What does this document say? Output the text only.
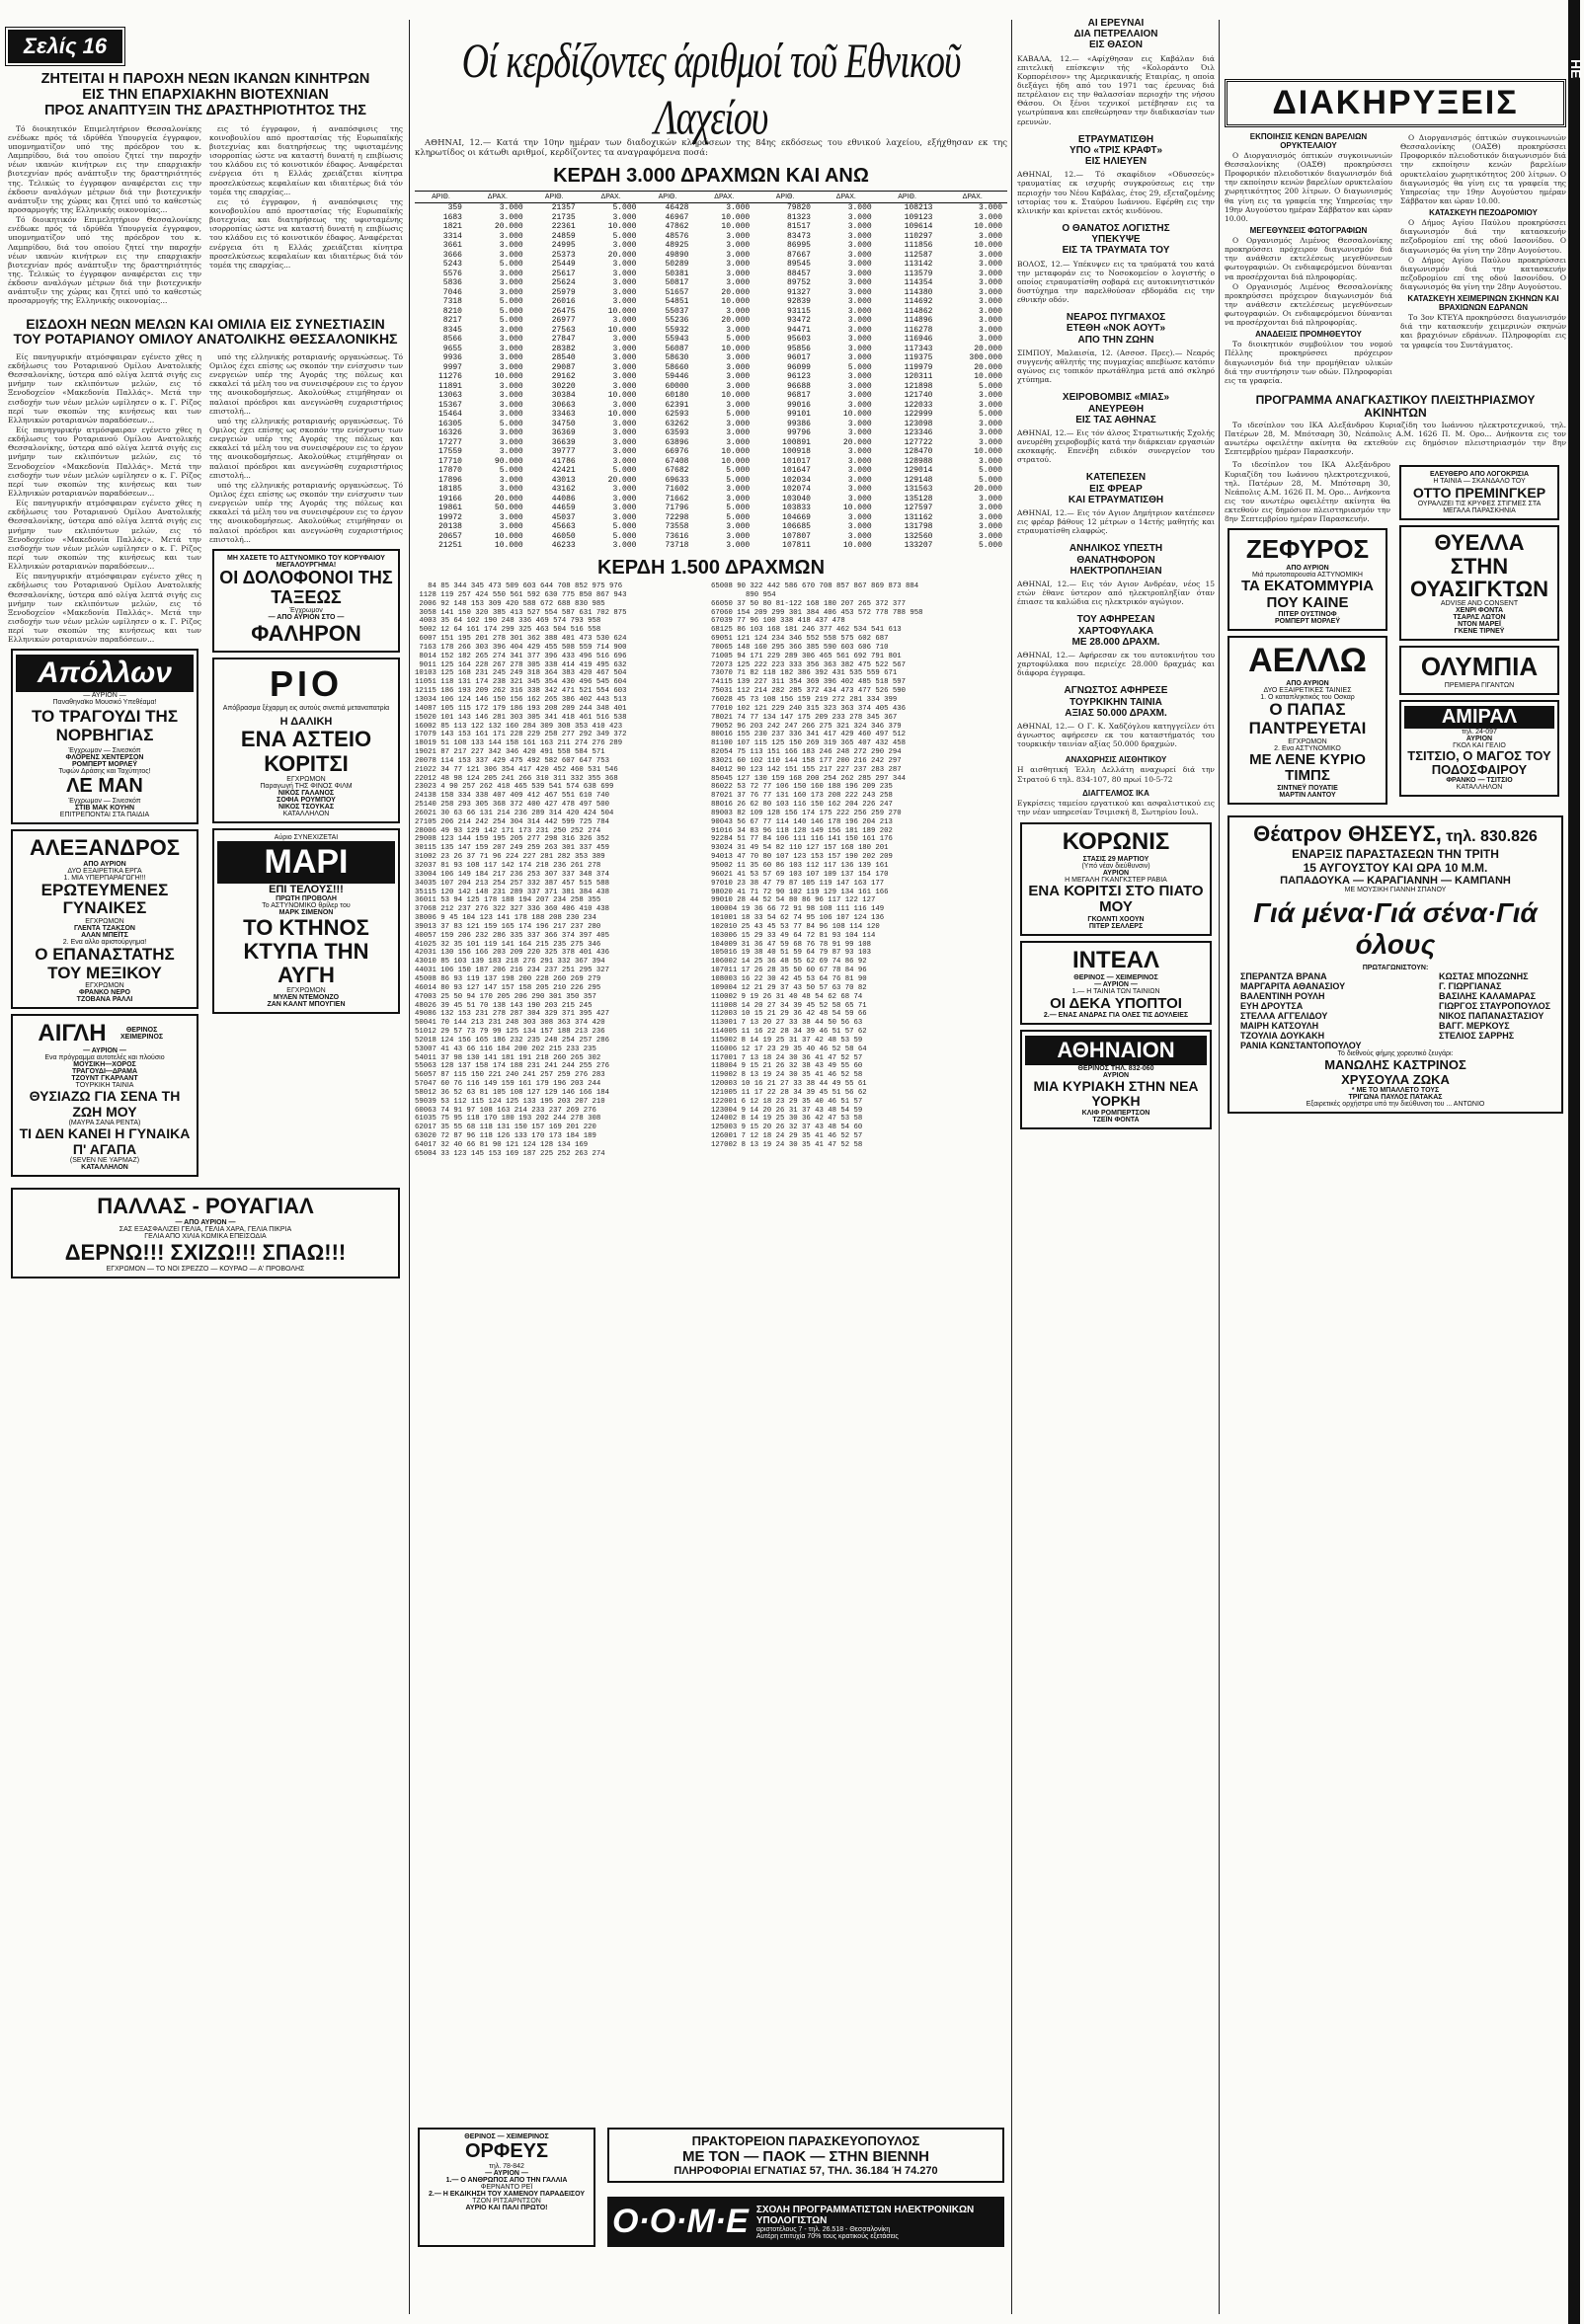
Σελίς 16
ΖΗΤΕΙΤΑΙ Η ΠΑΡΟΧΗ ΝΕΩΝ ΙΚΑΝΩΝ ΚΙΝΗΤΡΩΝ
ΕΙΣ ΤΗΝ ΕΠΑΡΧΙΑΚΗΝ ΒΙΟΤΕΧΝΙΑΝ
ΠΡΟΣ ΑΝΑΠΤΥΞΙΝ ΤΗΣ ΔΡΑΣΤΗΡΙΟΤΗΤΟΣ ΤΗΣ

Τό διοικητικόν Επιμελητήριον Θεσσαλονίκης ενέδωκε πρός τά ιδρύθέα Υπουργεία έγγραφον, υπομνηματίζον υπό της πρόεδρον του κ. Λαμπρίδου, διά του οποίου ζητεί την παροχήν νέων ικανών κινήτρων εις την επαρχιακήν βιοτεχνίαν πρός ανάπτυξιν της δραστηριότητός της. Τελικώς το έγγραφον αναφέρεται εις την έκδοσιν αναλόγων μέτρων διά την βιοτεχνικήν ανάπτυξιν της χώρας και ζητεί υπό το καθεστώς προσαρμογής της Ελληνικής οικονομίας...

Τό διοικητικόν Επιμελητήριον Θεσσαλονίκης ενέδωκε πρός τά ιδρύθέα Υπουργεία έγγραφον, υπομνηματίζον υπό της πρόεδρον του κ. Λαμπρίδου, διά του οποίου ζητεί την παροχήν νέων ικανών κινήτρων εις την επαρχιακήν βιοτεχνίαν πρός ανάπτυξιν της δραστηριότητός της. Τελικώς το έγγραφον αναφέρεται εις την έκδοσιν αναλόγων μέτρων διά την βιοτεχνικήν ανάπτυξιν της χώρας και ζητεί υπό το καθεστώς προσαρμογής της Ελληνικής οικονομίας...

εις τό έγγραφον, ή αναπόσφισις της κοινοβουλίου από προστασίας τής Ευρωπαϊκής βιοτεχνίας και διατηρήσεως της υφισταμένης ισορροπίας ώστε να καταστή δυνατή η επιβίωσις του κλάδου εις τό κοινοτικόν έδαφος. Αναφέρεται ενέργεια ότι η Ελλάς χρειάζεται κίνητρα προσελκύσεως κεφαλαίων και ιδιαιτέρως διά τόν τομέα της επαρχίας...

εις τό έγγραφον, ή αναπόσφισις της κοινοβουλίου από προστασίας τής Ευρωπαϊκής βιοτεχνίας και διατηρήσεως της υφισταμένης ισορροπίας ώστε να καταστή δυνατή η επιβίωσις του κλάδου εις τό κοινοτικόν έδαφος. Αναφέρεται ενέργεια ότι η Ελλάς χρειάζεται κίνητρα προσελκύσεως κεφαλαίων και ιδιαιτέρως διά τόν τομέα της επαρχίας...

ΕΙΣΔΟΧΗ ΝΕΩΝ ΜΕΛΩΝ ΚΑΙ ΟΜΙΛΙΑ ΕΙΣ ΣΥΝΕΣΤΙΑΣΙΝ
ΤΟΥ ΡΟΤΑΡΙΑΝΟΥ ΟΜΙΛΟΥ ΑΝΑΤΟΛΙΚΗΣ ΘΕΣΣΑΛΟΝΙΚΗΣ

Είς πανηγυρικήν ατμόσφαιραν εγένετο χθες η εκδήλωσις του Ροταριανού Ομίλου Ανατολικής Θεσσαλονίκης, ύστερα από ολίγα λεπτά σιγής εις μνήμην των εκλιπόντων μελών, εις τό Ξενοδοχείον «Μακεδονία Παλλάς». Μετά την εισδοχήν των νέων μελών ωμίλησεν ο κ. Γ. Ρίζος περί των σκοπών της κινήσεως και των Ελληνικών ροταριανών παραδόσεων...

Είς πανηγυρικήν ατμόσφαιραν εγένετο χθες η εκδήλωσις του Ροταριανού Ομίλου Ανατολικής Θεσσαλονίκης, ύστερα από ολίγα λεπτά σιγής εις μνήμην των εκλιπόντων μελών, εις τό Ξενοδοχείον «Μακεδονία Παλλάς». Μετά την εισδοχήν των νέων μελών ωμίλησεν ο κ. Γ. Ρίζος περί των σκοπών της κινήσεως και των Ελληνικών ροταριανών παραδόσεων...

Είς πανηγυρικήν ατμόσφαιραν εγένετο χθες η εκδήλωσις του Ροταριανού Ομίλου Ανατολικής Θεσσαλονίκης, ύστερα από ολίγα λεπτά σιγής εις μνήμην των εκλιπόντων μελών, εις τό Ξενοδοχείον «Μακεδονία Παλλάς». Μετά την εισδοχήν των νέων μελών ωμίλησεν ο κ. Γ. Ρίζος περί των σκοπών της κινήσεως και των Ελληνικών ροταριανών παραδόσεων...

Είς πανηγυρικήν ατμόσφαιραν εγένετο χθες η εκδήλωσις του Ροταριανού Ομίλου Ανατολικής Θεσσαλονίκης, ύστερα από ολίγα λεπτά σιγής εις μνήμην των εκλιπόντων μελών, εις τό Ξενοδοχείον «Μακεδονία Παλλάς». Μετά την εισδοχήν των νέων μελών ωμίλησεν ο κ. Γ. Ρίζος περί των σκοπών της κινήσεως και των Ελληνικών ροταριανών παραδόσεων...

Απόλλων
— ΑΥΡΙΟΝ —
Παναθηναϊκο Μουσικό Υπεθέαμα!
ΤΟ ΤΡΑΓΟΥΔΙ ΤΗΣ ΝΟΡΒΗΓΙΑΣ
Έγχρωμον — Σινεσκόπ
ΦΛΟΡΕΝΣ ΧΕΝΤΕΡΣΟΝ
ΡΟΜΠΕΡΤ ΜΟΡΛΕΫ
Τυφών Δράσης και Ταχύτητος!
ΛΕ ΜΑΝ
Έγχρωμον — Σινεσκόπ
ΣΤΙΒ ΜΑΚ ΚΟΥΗΝ
ΕΠΙΤΡΕΠΟΝΤΑΙ ΣΤΑ ΠΑΙΔΙΑ
ΑΛΕΞΑΝΔΡΟΣ
ΑΠΟ ΑΥΡΙΟΝ
ΔΥΟ ΕΞΑΙΡΕΤΙΚΑ ΕΡΓΑ
1. ΜΙΑ ΥΠΕΡΠΑΡΑΓΩΓΗ!!!
ΕΡΩΤΕΥΜΕΝΕΣ ΓΥΝΑΙΚΕΣ
ΕΓΧΡΩΜΟΝ
ΓΛΕΝΤΑ ΤΖΑΚΣΟΝ
ΑΛΑΝ ΜΠΕΪΤΣ
2. Ενα αλλο αριστούργημα!
Ο ΕΠΑΝΑΣΤΑΤΗΣ ΤΟΥ ΜΕΞΙΚΟΥ
ΕΓΧΡΩΜΟΝ
ΦΡΑΝΚΟ ΝΕΡΟ
ΤΖΟΒΑΝΑ ΡΑΛΛΙ
ΑΙΓΛΗ	ΘΕΡΙΝΟΣ ΧΕΙΜΕΡΙΝΟΣ
— ΑΥΡΙΟΝ —
Ενα πρόγραμμα αυτοτελές και πλούσιο
ΜΟΥΣΙΚΗ—ΧΟΡΟΣ
ΤΡΑΓΟΥΔΙ—ΔΡΑΜΑ
ΤΖΟΥΝΤ ΓΚΑΡΛΑΝΤ
ΤΟΥΡΚΙΚΗ ΤΑΙΝΙΑ
ΘΥΣΙΑΖΩ ΓΙΑ ΣΕΝΑ ΤΗ ΖΩΗ ΜΟΥ
(ΜΑΥΡΑ ΣΑΝΑ ΡΕΝΤΑ)
ΤΙ ΔΕΝ ΚΑΝΕΙ Η ΓΥΝΑΙΚΑ Π' ΑΓΑΠΑ
(SEVEN NE YAPMAZ)
ΚΑΤΑΛΛΗΛΟΝ

υπό της ελληνικής ροταριανής οργανώσεως. Τό Ομιλος έχει επίσης ως σκοπόν την ενίσχυσιν των ενεργειών υπέρ της Αγοράς της πόλεως και εκκαλεί τά μέλη του να συνεισφέρουν εις το έργον της ανοικοδομήσεως. Ακολούθως ετιμήθησαν οι παλαιοί πρόεδροι και ανεγνώσθη ευχαριστήριος επιστολή...

υπό της ελληνικής ροταριανής οργανώσεως. Τό Ομιλος έχει επίσης ως σκοπόν την ενίσχυσιν των ενεργειών υπέρ της Αγοράς της πόλεως και εκκαλεί τά μέλη του να συνεισφέρουν εις το έργον της ανοικοδομήσεως. Ακολούθως ετιμήθησαν οι παλαιοί πρόεδροι και ανεγνώσθη ευχαριστήριος επιστολή...

υπό της ελληνικής ροταριανής οργανώσεως. Τό Ομιλος έχει επίσης ως σκοπόν την ενίσχυσιν των ενεργειών υπέρ της Αγοράς της πόλεως και εκκαλεί τά μέλη του να συνεισφέρουν εις το έργον της ανοικοδομήσεως. Ακολούθως ετιμήθησαν οι παλαιοί πρόεδροι και ανεγνώσθη ευχαριστήριος επιστολή...

ΜΗ ΧΑΣΕΤΕ ΤΟ ΑΣΤΥΝΟΜΙΚΟ ΤΟΥ ΚΟΡΥΦΑΙΟΥ
ΜΕΓΑΛΟΥΡΓΗΜΑ!
ΟΙ ΔΟΛΟΦΟΝΟΙ ΤΗΣ ΤΑΞΕΩΣ
Έγχρωμον
— ΑΠΟ ΑΥΡΙΟΝ ΣΤΟ —
ΦΑΛΗΡΟΝ
ΡΙΟ
Απόβρασμα ξέχαρμη εις αυτούς σινεπιά μεταναπατρία
Η ΔΑΛΙΚΗ
ΕΝΑ ΑΣΤΕΙΟ ΚΟΡΙΤΣΙ
ΕΓΧΡΩΜΟΝ
Παραγωγή ΤΗΣ ΦΙΝΟΣ ΦΙΛΜ
ΝΙΚΟΣ ΓΑΛΑΝΟΣ
ΣΟΦΙΑ ΡΟΥΜΠΟΥ
ΝΙΚΟΣ ΤΣΟΥΚΑΣ
ΚΑΤΑΛΛΗΛΟΝ
Αύριο ΣΥΝΕΧΙΖΕΤΑΙ
ΜΑΡΙ
ΕΠΙ ΤΕΛΟΥΣ!!!
ΠΡΩΤΗ ΠΡΟΒΟΛΗ
Το ΑΣΤΥΝΟΜΙΚΟ θρίλερ του
ΜΑΡΚ ΣΙΜΕΝΟΝ
ΤΟ ΚΤΗΝΟΣ ΚΤΥΠΑ ΤΗΝ ΑΥΓΗ
ΕΓΧΡΩΜΟΝ
ΜΥΛΕΝ ΝΤΕΜΟΝΖΟ
ΖΑΝ ΚΑΛΝΤ ΜΠΟΥΓΙΕΝ
ΠΑΛΛΑΣ - ΡΟΥΑΓΙΑΛ
— ΑΠΟ ΑΥΡΙΟΝ —
ΣΑΣ ΕΞΑΣΦΑΛΙΖΕΙ ΓΕΛΙΑ, ΓΕΛΙΑ ΧΑΡΑ, ΓΕΛΙΑ ΠΙΚΡΙΑ
ΓΕΛΙΑ ΑΠΟ ΧΙΛΙΑ ΚΩΜΙΚΑ ΕΠΕΙΣΟΔΙΑ
ΔΕΡΝΩ!!! ΣΧΙΖΩ!!! ΣΠΑΩ!!!
ΕΓΧΡΩΜΟΝ — ΤΟ ΝΟΙ ΣΡΕΖΖΟ — ΚΟΥΡΑΟ — Α' ΠΡΟΒΟΛΗΣ
Οί κερδίζοντες άριθμοί τοῦ Εθνικοῦ Λαχείου
ΑΘΗΝΑΙ, 12.— Κατά την 10ην ημέραν των διαδοχικών κληρώσεων της 84ης εκδόσεως του εθνικού λαχείου, εξήχθησαν εκ της κληρωτίδος οι κάτωθι αριθμοί, κερδίζοντες τα αναγραφόμενα ποσά:
ΚΕΡΔΗ 3.000 ΔΡΑΧΜΩΝ ΚΑΙ ΑΝΩ
ΑΡΙΘ.	ΔΡΑΧ.	ΑΡΙΘ.	ΔΡΑΧ.	ΑΡΙΘ.	ΔΡΑΧ.	ΑΡΙΘ.	ΔΡΑΧ.	ΑΡΙΘ.	ΔΡΑΧ.
359	3.000	21357	5.000	46428	3.000	79820	3.000	108213	3.000
1683	3.000	21735	3.000	46967	10.000	81323	3.000	109123	3.000
1821	20.000	22361	10.000	47862	10.000	81517	3.000	109614	10.000
3314	3.000	24859	5.000	48576	3.000	83473	3.000	110297	3.000
3661	3.000	24995	3.000	48925	3.000	86995	3.000	111856	10.000
3666	3.000	25373	20.000	49890	3.000	87667	3.000	112587	3.000
5243	5.000	25449	3.000	50289	3.000	89545	3.000	113142	3.000
5576	3.000	25617	3.000	50381	3.000	88457	3.000	113579	3.000
5836	3.000	25624	3.000	50817	3.000	89752	3.000	114354	3.000
7046	3.000	25979	3.000	51657	20.000	91327	3.000	114380	3.000
7318	5.000	26016	3.000	54851	10.000	92839	3.000	114692	3.000
8210	5.000	26475	10.000	55037	3.000	93115	3.000	114862	3.000
8217	5.000	26977	3.000	55236	20.000	93472	3.000	114896	3.000
8345	3.000	27563	10.000	55932	3.000	94471	3.000	116278	3.000
8566	3.000	27847	3.000	55943	5.000	95603	3.000	116946	3.000
9655	3.000	28382	3.000	56087	10.000	95856	3.000	117343	20.000
9936	3.000	28540	3.000	58630	3.000	96017	3.000	119375	300.000
9997	3.000	29087	3.000	58660	3.000	96099	5.000	119979	20.000
11276	10.000	29162	3.000	59446	3.000	96123	3.000	120311	10.000
11891	3.000	30220	3.000	60000	3.000	96688	3.000	121898	5.000
13063	3.000	30384	10.000	60180	10.000	96817	3.000	121740	3.000
15367	3.000	30663	3.000	62391	3.000	99016	3.000	122033	3.000
15464	3.000	33463	10.000	62593	5.000	99101	10.000	122999	5.000
16305	5.000	34750	3.000	63262	3.000	99386	3.000	123098	3.000
16326	3.000	36369	3.000	63593	3.000	99796	3.000	123346	3.000
17277	3.000	36639	3.000	63896	3.000	100891	20.000	127722	3.000
17559	3.000	39777	3.000	66976	10.000	100918	3.000	128470	10.000
17710	90.000	41786	3.000	67408	10.000	101017	3.000	128988	3.000
17870	5.000	42421	5.000	67682	5.000	101647	3.000	129014	5.000
17896	3.000	43013	20.000	69633	5.000	102034	3.000	129148	5.000
18185	3.000	43162	3.000	71602	3.000	102074	3.000	131563	20.000
19166	20.000	44086	3.000	71662	3.000	103040	3.000	135128	3.000
19861	50.000	44659	3.000	71796	5.000	103833	10.000	127597	3.000
19972	3.000	45037	3.000	72298	5.000	104669	3.000	131162	3.000
20138	3.000	45663	5.000	73558	3.000	106685	3.000	131798	3.000
20657	10.000	46050	5.000	73616	3.000	107807	3.000	132560	3.000
21251	10.000	46233	3.000	73718	3.000	107811	10.000	133207	5.000
ΚΕΡΔΗ 1.500 ΔΡΑΧΜΩΝ
84 85 344 345 473 509 603 644 708 852 975 976
1128 119 257 424 550 561 592 630 775 850 867 943
2006 92 148 153 309 420 588 672 688 830 985
3058 141 150 320 385 413 527 554 587 631 702 875
4003 35 64 102 190 248 336 469 574 793 958
5002 12 64 161 174 299 325 463 504 516 558
6007 151 195 201 278 301 362 388 401 473 530 624
7163 178 266 303 396 404 429 455 508 559 714 900
8014 152 182 265 274 341 377 396 433 496 516 696
9011 125 164 228 267 278 305 338 414 419 495 632
10103 125 168 231 245 249 318 364 383 420 467 504
11051 118 131 174 238 321 345 354 430 496 545 604
12115 186 193 209 262 316 338 342 471 521 554 603
13034 106 124 146 150 156 162 265 386 402 443 513
14087 105 115 172 179 186 193 208 209 244 348 401
15020 101 143 146 281 303 305 341 418 461 516 538
16002 85 113 122 132 160 284 309 308 353 410 423
17079 143 153 161 171 228 229 258 277 292 349 372
18019 51 108 133 144 158 161 163 211 274 276 289
19021 87 217 227 342 346 420 491 558 584 571
20078 114 153 337 429 475 492 582 607 647 753
21022 34 77 121 306 354 417 420 452 460 531 546
22012 48 98 124 205 241 266 310 311 332 355 368
23023 4 90 257 262 418 465 539 541 574 638 699
24138 158 334 338 407 409 412 467 551 610 740
25140 258 293 305 368 372 400 427 478 497 500
26021 30 63 66 131 214 236 289 314 420 424 504
27105 206 214 242 254 304 314 442 599 725 784
28006 49 93 129 142 171 173 231 250 252 274
29008 123 144 159 195 205 277 298 316 326 352
30115 135 147 159 207 249 259 263 301 337 459
31002 23 26 37 71 96 224 227 281 282 353 389
32037 81 93 108 117 142 174 218 236 261 278
33004 106 149 184 217 236 253 307 337 348 374
34035 107 204 213 254 257 332 387 457 515 588
35115 120 142 148 231 289 337 371 381 384 438
36011 53 94 125 178 188 194 207 234 258 355
37068 212 237 276 322 327 336 360 406 410 438
38006 9 45 104 123 141 178 188 208 230 234
39013 37 83 121 159 165 174 196 217 237 280
40057 159 206 232 286 335 337 366 374 397 405
41025 32 35 101 119 141 164 215 235 275 346
42031 130 156 166 203 209 220 325 378 401 436
43010 85 103 139 183 218 276 291 332 367 394
44031 106 150 187 206 216 234 237 251 295 327
45008 86 93 119 137 198 200 228 260 269 279
46014 80 93 127 147 157 158 205 210 226 295
47003 25 50 94 170 205 206 290 301 350 357
48026 39 45 51 70 138 143 190 203 215 245
49086 132 153 231 278 287 304 329 371 395 427
50041 70 144 213 231 248 303 308 363 374 420
51012 29 57 73 79 99 125 134 157 188 213 236
52018 124 156 165 186 232 235 248 254 257 286
53007 41 43 66 116 184 200 202 215 233 235
54011 37 98 130 141 181 191 218 260 265 302
55063 128 137 158 174 188 231 241 244 255 276
56057 87 115 150 221 240 241 257 259 276 283
57047 60 76 116 149 159 161 179 196 203 244
58012 36 52 63 81 105 108 127 129 146 166 184
59039 53 112 115 124 125 133 195 203 207 210
60063 74 91 97 108 163 214 233 237 269 276
61035 75 95 118 170 180 193 202 244 278 308
62017 35 55 68 118 131 150 157 169 201 220
63020 72 87 96 118 126 133 170 173 184 189
64017 32 40 66 81 90 121 124 128 134 169
65004 33 123 145 153 169 187 225 252 263 274
65008 90 322 442 586 670 708 857 867 869 873 884
890 954
66050 37 50 80 81-122 168 180 207 265 372 377
67060 154 209 299 301 384 406 453 572 778 788 958
67039 77 96 100 338 418 437 478
68125 86 103 168 181 246 377 462 534 541 613
69051 121 124 234 346 552 558 575 602 687
70065 148 160 295 366 385 590 603 606 710
71005 94 171 229 289 306 465 561 692 791 801
72073 125 222 223 333 356 363 382 475 522 567
73070 71 82 118 182 386 392 431 535 559 671
74115 139 227 311 354 369 396 402 485 518 597
75031 112 214 282 285 372 434 473 477 526 590
76028 45 73 108 156 159 219 272 281 334 399
77010 102 121 229 240 315 323 363 374 405 436
78021 74 77 134 147 175 209 233 278 345 367
79052 96 203 242 247 266 275 321 324 346 379
80016 155 230 237 336 341 417 429 460 497 512
81100 107 115 125 150 269 319 365 407 432 458
82054 75 113 151 166 183 246 248 272 290 294
83021 60 102 110 144 158 177 200 216 242 297
84012 90 123 142 151 155 217 227 237 283 287
85045 127 130 159 168 200 254 262 285 297 344
86022 53 72 77 106 150 160 188 196 209 235
87021 37 76 77 131 160 173 208 222 243 258
88016 26 62 80 103 116 150 162 204 226 247
89003 82 109 128 156 174 175 222 256 259 270
90043 56 67 77 114 140 146 178 196 204 213
91016 34 83 96 118 128 149 156 181 189 202
92284 51 77 84 106 111 116 141 150 161 176
93024 31 49 54 82 110 127 157 168 180 201
94013 47 70 80 107 123 153 157 190 202 209
95002 11 35 60 86 103 112 117 136 139 161
96021 41 53 57 69 103 107 109 137 154 170
97010 23 38 47 79 87 105 119 147 163 177
98020 41 71 72 90 102 119 129 134 161 166
99010 28 44 52 54 80 86 96 117 122 127
100004 19 36 66 72 91 98 108 111 116 149
101001 18 33 54 62 74 95 106 107 124 136
102010 25 43 45 53 77 84 96 108 114 120
103006 15 29 33 49 64 72 81 93 104 114
104009 31 36 47 59 68 76 78 91 99 108
105016 19 38 40 51 59 64 79 87 93 103
106002 14 25 36 48 55 62 69 74 86 92
107011 17 26 28 35 50 60 67 78 84 96
108003 16 22 30 42 45 53 64 76 81 90
109004 12 21 29 37 43 50 57 63 70 82
110002 9 19 26 31 40 48 54 62 68 74
111008 14 20 27 34 39 45 52 58 65 71
112003 10 15 21 29 36 42 48 54 59 66
113001 7 13 20 27 33 38 44 50 56 63
114005 11 16 22 28 34 39 46 51 57 62
115002 8 14 19 25 31 37 42 48 53 59
116006 12 17 23 29 35 40 46 52 58 64
117001 7 13 18 24 30 36 41 47 52 57
118004 9 15 21 26 32 38 43 49 55 60
119002 8 13 19 24 30 35 41 46 52 58
120003 10 16 21 27 33 38 44 49 55 61
121005 11 17 22 28 34 39 45 51 56 62
122001 6 12 18 23 29 35 40 46 51 57
123004 9 14 20 26 31 37 43 48 54 59
124002 8 14 19 25 30 36 42 47 53 58
125003 9 15 20 26 32 37 43 48 54 60
126001 7 12 18 24 29 35 41 46 52 57
127002 8 13 19 24 30 35 41 47 52 58
ΘΕΡΙΝΟΣ — ΧΕΙΜΕΡΙΝΟΣ
ΟΡΦΕΥΣ
τηλ. 78-842
— ΑΥΡΙΟΝ —
1.— Ο ΑΝΘΡΩΠΟΣ ΑΠΟ ΤΗΝ ΓΑΛΛΙΑ
ΦΕΡΝΑΝΤΟ ΡΕΪ
2.— Η ΕΚΔΙΚΗΣΗ ΤΟΥ ΧΑΜΕΝΟΥ ΠΑΡΑΔΕΙΣΟΥ
ΤΖΟΝ ΡΙΤΣΑΡΝΤΣΟΝ
ΑΥΡΙΟ ΚΑΙ ΠΑΛΙ ΠΡΩΤΟ!
ΠΡΑΚΤΟΡΕΙΟΝ ΠΑΡΑΣΚΕΥΟΠΟΥΛΟΣ
ΜΕ ΤΟΝ — ΠΑΟΚ — ΣΤΗΝ ΒΙΕΝΝΗ
ΠΛΗΡΟΦΟΡΙΑΙ ΕΓΝΑΤΙΑΣ 57, ΤΗΛ. 36.184 Ή 74.270
Ο·Ο·Μ·Ε ΣΧΟΛΗ ΠΡΟΓΡΑΜΜΑΤΙΣΤΩΝ ΗΛΕΚΤΡΟΝΙΚΩΝ ΥΠΟΛΟΓΙΣΤΩΝ
αριστοτέλους 7 - τηλ. 26.518 - Θεσσαλονίκη
Αυτέρη επιτυχία 70% τους κρατικούς εξετάσεις
ΑΙ ΕΡΕΥΝΑΙ
ΔΙΑ ΠΕΤΡΕΛΑΙΟΝ
ΕΙΣ ΘΑΣΟΝ
ΚΑΒΑΛΑ, 12.— «Αφίχθησαν εις Καβάλαν διά επιτελική επίσκεψιν τής «Κολοράντο Όιλ Κορπορέισον» της Αμερικανικής Εταιρίας, η οποία διεξάγει ήδη από του 1971 τας έρευνας διά πετρέλαιον εις την θαλασσίαν περιοχήν της νήσου Θάσου. Οι ξένοι τεχνικοί μετέβησαν εις τα γεωτρύπανα και επεθεώρησαν την διαδικασίαν των ερευνών.
ΕΤΡΑΥΜΑΤΙΣΘΗ
ΥΠΟ «ΤΡΙΣ ΚΡΑΦΤ»
ΕΙΣ ΗΛΙΕΥΕΝ
ΑΘΗΝΑΙ, 12.— Τό σκαφίδιον «Οδυσσεύς» τραυματίας εκ ισχυρής συγκρούσεως εις την περιοχήν του Νέου Καβάλας, έτος 29, εξεταζομένης ιστορίας του κ. Σταύρου Ιωάννου. Εφέρθη εις την κλινικήν και κρίνεται εκτός κινδύνου.
Ο ΘΑΝΑΤΟΣ ΛΟΓΙΣΤΗΣ
ΥΠΕΚΥΨΕ
ΕΙΣ ΤΑ ΤΡΑΥΜΑΤΑ ΤΟΥ
ΒΟΛΟΣ, 12.— Υπέκυψεν εις τα τραύματά του κατά την μεταφοράν εις το Νοσοκομείον ο λογιστής ο οποίος ετραυματίσθη σοβαρά εις αυτοκινητιστικόν δυστύχημα την παρελθούσαν εβδομάδα εις την εθνικήν οδόν.
ΝΕΑΡΟΣ ΠΥΓΜΑΧΟΣ
ΕΤΕΘΗ «ΝΟΚ ΑΟΥΤ»
ΑΠΟ ΤΗΝ ΖΩΗΝ
ΣΙΜΠΟΥ, Μαλαισία, 12. (Ασσοσ. Πρες).— Νεαρός συγγενής αθλητής της πυγμαχίας απεβίωσε κατόπιν αγώνος εις τοπικόν πρωτάθλημα μετά από σκληρό χτύπημα.
ΧΕΙΡΟΒΟΜΒΙΣ «ΜΙΑΣ»
ΑΝΕΥΡΕΘΗ
ΕΙΣ ΤΑΣ ΑΘΗΝΑΣ
ΑΘΗΝΑΙ, 12.— Εις τόν άλσος Στρατιωτικής Σχολής ανευρέθη χειροβομβίς κατά την διάρκειαν εργασιών εκσκαφής. Επενέβη ειδικόν συνεργείον του στρατού.
ΚΑΤΕΠΕΣΕΝ
ΕΙΣ ΦΡΕΑΡ
ΚΑΙ ΕΤΡΑΥΜΑΤΙΣΘΗ
ΑΘΗΝΑΙ, 12.— Εις τόν Αγιον Δημήτριον κατέπεσεν εις φρέαρ βάθους 12 μέτρων ο 14ετής μαθητής και ετραυματίσθη ελαφρώς.
ΑΝΗΛΙΚΟΣ ΥΠΕΣΤΗ
ΘΑΝΑΤΗΦΟΡΟΝ
ΗΛΕΚΤΡΟΠΛΗΞΙΑΝ
ΑΘΗΝΑΙ, 12.— Εις τόν Αγιον Ανδρέαν, νέος 15 ετών έθανε ύστερον από ηλεκτροπληξίαν όταν έπιασε τα καλώδια εις ηλεκτρικόν αγώγιον.
ΤΟΥ ΑΦΗΡΕΣΑΝ
ΧΑΡΤΟΦΥΛΑΚΑ
ΜΕ 28.000 ΔΡΑΧΜ.
ΑΘΗΝΑΙ, 12.— Αφήρεσαν εκ του αυτοκινήτου του χαρτοφύλακα που περιείχε 28.000 δραχμάς και διάφορα έγγραφα.
ΑΓΝΩΣΤΟΣ ΑΦΗΡΕΣΕ
ΤΟΥΡΚΙΚΗΝ ΤΑΙΝΙΑ
ΑΞΙΑΣ 50.000 ΔΡΑΧΜ.
ΑΘΗΝΑΙ, 12.— Ο Γ. Κ. Χαδζόγλου κατηγγείλεν ότι άγνωστος αφήρεσεν εκ του καταστήματός του τουρκικήν ταινίαν αξίας 50.000 δραχμών.
ΑΝΑΧΩΡΗΣΙΣ ΑΙΣΘΗΤΙΚΟΥ
Η αισθητική Έλλη Δελλάτη αναχωρεί διά την Στρατού 6 τηλ. 834-107, 80 πρωί 10-5-72
ΔΙΑΓΓΕΛΜΟΣ ΙΚΑ
Εγκρίσεις ταμείου εργατικού και ασφαλιστικού εις την νέαν υπηρεσίαν Τσιμισκή 8, Σωτηρίου Ιουλ.
ΚΟΡΩΝΙΣ
ΣΤΑΣΙΣ 29 ΜΑΡΤΙΟΥ
(Υπό νέαν διεύθυνσιν)
ΑΥΡΙΟΝ
Η ΜΕΓΑΛΗ ΓΚΑΝΓΚΣΤΕΡ ΡΑΒΙΑ
ΕΝΑ ΚΟΡΙΤΣΙ ΣΤΟ ΠΙΑΤΟ ΜΟΥ
ΓΚΟΛΝΤΙ ΧΟΟΥΝ
ΠΙΤΕΡ ΣΕΛΛΕΡΣ
ΙΝΤΕΑΛ
ΘΕΡΙΝΟΣ — ΧΕΙΜΕΡΙΝΟΣ
— ΑΥΡΙΟΝ —
1.— Η ΤΑΙΝΙΑ ΤΩΝ ΤΑΙΝΙΩΝ
ΟΙ ΔΕΚΑ ΥΠΟΠΤΟΙ
2.— ΕΝΑΣ ΑΝΔΡΑΣ ΓΙΑ ΟΛΕΣ ΤΙΣ ΔΟΥΛΕΙΕΣ
ΑΘΗΝΑΙΟΝ
ΘΕΡΙΝΟΣ ΤΗΛ. 832-060
ΑΥΡΙΟΝ
ΜΙΑ ΚΥΡΙΑΚΗ ΣΤΗΝ ΝΕΑ ΥΟΡΚΗ
ΚΛΙΦ ΡΟΜΠΕΡΤΣΟΝ
ΤΖΕΪΝ ΦΟΝΤΑ
ΔΙΑΚΗΡΥΞΕΙΣ
ΕΚΠΟΙΗΣΙΣ ΚΕΝΩΝ ΒΑΡΕΛΙΩΝ ΟΡΥΚΤΕΛΑΙΟΥ

Ο Διοργανισμός όπτικών συγκοινωνιών Θεσσαλονίκης (ΟΑΣΘ) προκηρύσσει Προφορικόν πλειοδοτικόν διαγωνισμόν διά την εκποίησιν κενών βαρελίων ορυκτελαίου χωρητικότητος 200 λίτρων. Ο διαγωνισμός θα γίνη εις τα γραφεία της Υπηρεσίας την 19ην Αυγούστου ημέραν Σάββατον και ώραν 10.00.

ΜΕΓΕΘΥΝΣΕΙΣ ΦΩΤΟΓΡΑΦΙΩΝ

Ο Οργανισμός Λιμένος Θεσσαλονίκης προκηρύσσει πρόχειρον διαγωνισμόν διά την ανάθεσιν εκτελέσεως μεγεθύνσεων φωτογραφιών. Οι ενδιαφερόμενοι δύνανται να προσέρχονται διά πληροφορίας.

Ο Οργανισμός Λιμένος Θεσσαλονίκης προκηρύσσει πρόχειρον διαγωνισμόν διά την ανάθεσιν εκτελέσεως μεγεθύνσεων φωτογραφιών. Οι ενδιαφερόμενοι δύνανται να προσέρχονται διά πληροφορίας.

ΑΝΑΔΕΙΞΙΣ ΠΡΟΜΗΘΕΥΤΟΥ

Το διοικητικόν συμβούλιον του νομού Πέλλης προκηρύσσει πρόχειρον διαγωνισμόν διά την προμήθειαν υλικών διά την συντήρησιν των οδών. Πληροφορίαι εις τα γραφεία.

Ο Διοργανισμός όπτικών συγκοινωνιών Θεσσαλονίκης (ΟΑΣΘ) προκηρύσσει Προφορικόν πλειοδοτικόν διαγωνισμόν διά την εκποίησιν κενών βαρελίων ορυκτελαίου χωρητικότητος 200 λίτρων. Ο διαγωνισμός θα γίνη εις τα γραφεία της Υπηρεσίας την 19ην Αυγούστου ημέραν Σάββατον και ώραν 10.00.

ΚΑΤΑΣΚΕΥΗ ΠΕΖΟΔΡΟΜΙΟΥ

Ο Δήμος Αγίου Παύλου προκηρύσσει διαγωνισμόν διά την κατασκευήν πεζοδρομίου επί της οδού Ιασονίδου. Ο διαγωνισμός θα γίνη την 28ην Αυγούστου.

Ο Δήμος Αγίου Παύλου προκηρύσσει διαγωνισμόν διά την κατασκευήν πεζοδρομίου επί της οδού Ιασονίδου. Ο διαγωνισμός θα γίνη την 28ην Αυγούστου.

ΚΑΤΑΣΚΕΥΗ ΧΕΙΜΕΡΙΝΩΝ ΣΚΗΝΩΝ ΚΑΙ ΒΡΑΧΙΩΝΩΝ ΕΔΡΑΝΩΝ

Το 3ον ΚΤΕΥΑ προκηρύσσει διαγωνισμόν διά την κατασκευήν χειμερινών σκηνών και βραχιόνων εδράνων. Πληροφορίαι εις τα γραφεία του Συντάγματος.

ΠΡΟΓΡΑΜΜΑ ΑΝΑΓΚΑΣΤΙΚΟΥ ΠΛΕΙΣΤΗΡΙΑΣΜΟΥ ΑΚΙΝΗΤΩΝ

Το ιδεσίπλον του ΙΚΑ Αλεξάνδρου Κυριαζίδη του Ιωάννου ηλεκτροτεχνικού, τηλ. Πατέρων 28, Μ. Μπότσαρη 30, Νεάπολις Α.Μ. 1626 Π. Μ. Ορο... Ανήκοντα εις τον ανωτέρω οφειλέτην ακίνητα θα εκτεθούν εις δημόσιον πλειστηριασμόν την 8ην Σεπτεμβρίου ημέραν Παρασκευήν.

Το ιδεσίπλον του ΙΚΑ Αλεξάνδρου Κυριαζίδη του Ιωάννου ηλεκτροτεχνικού, τηλ. Πατέρων 28, Μ. Μπότσαρη 30, Νεάπολις Α.Μ. 1626 Π. Μ. Ορο... Ανήκοντα εις τον ανωτέρω οφειλέτην ακίνητα θα εκτεθούν εις δημόσιον πλειστηριασμόν την 8ην Σεπτεμβρίου ημέραν Παρασκευήν.

ΖΕΦΥΡΟΣ
ΑΠΟ ΑΥΡΙΟΝ
Μιά πρωτοπαρουσία ΑΣΤΥΝΟΜΙΚΗ
ΤΑ ΕΚΑΤΟΜΜΥΡΙΑ ΠΟΥ ΚΑΙΝΕ
ΠΙΤΕΡ ΟΥΣΤΙΝΟΦ
ΡΟΜΠΕΡΤ ΜΟΡΛΕΫ
ΑΕΛΛΩ
ΑΠΟ ΑΥΡΙΟΝ
ΔΥΟ ΕΞΑΙΡΕΤΙΚΕΣ ΤΑΙΝΙΕΣ
1. Ο καταπληκτικός του Οσκαρ
Ο ΠΑΠΑΣ ΠΑΝΤΡΕΥΕΤΑΙ
ΕΓΧΡΩΜΟΝ
2. Ενα ΑΣΤΥΝΟΜΙΚΟ
ΜΕ ΛΕΝΕ ΚΥΡΙΟ ΤΙΜΠΣ
ΣΙΝΤΝΕΫ ΠΟΥΑΤΙΕ
ΜΑΡΤΙΝ ΛΑΝΤΟΥ
ΕΛΕΥΘΕΡΟ ΑΠΟ ΛΟΓΟΚΡΙΣΙΑ
Η ΤΑΙΝΙΑ — ΣΚΑΝΔΑΛΟ ΤΟΥ
ΟΤΤΟ ΠΡΕΜΙΝΓΚΕΡ
ΟΥΡΑΛΙΖΕΙ ΤΙΣ ΚΡΥΦΕΣ ΣΤΙΓΜΕΣ ΣΤΑ ΜΕΓΑΛΑ ΠΑΡΑΣΚΗΝΙΑ
ΘΥΕΛΛΑ ΣΤΗΝ ΟΥΑΣΙΓΚΤΩΝ
ADVISE AND CONSENT
ΧΕΝΡΙ ΦΟΝΤΑ
ΤΣΑΡΛΣ ΛΩΤΟΝ
ΝΤΟΝ ΜΑΡΕΪ
ΓΚΕΝΕ ΤΙΡΝΕΫ
ΟΛΥΜΠΙΑ
ΠΡΕΜΙΕΡΑ ΓΙΓΑΝΤΩΝ
ΑΜΙΡΑΛ
τηλ. 24-097
ΑΥΡΙΟΝ
ΓΚΟΛ ΚΑΙ ΓΕΛΙΟ
ΤΣΙΤΣΙΟ, Ο ΜΑΓΟΣ ΤΟΥ ΠΟΔΟΣΦΑΙΡΟΥ
ΦΡΑΝΚΟ — ΤΣΙΤΣΙΟ
ΚΑΤΑΛΛΗΛΟΝ
Θέατρον ΘΗΣΕΥΣ, τηλ. 830.826
ΕΝΑΡΞΙΣ ΠΑΡΑΣΤΑΣΕΩΝ ΤΗΝ ΤΡΙΤΗ
15 ΑΥΓΟΥΣΤΟΥ ΚΑΙ ΩΡΑ 10 Μ.Μ.
ΠΑΠΑΔΟΥΚΑ — ΚΑΡΑΓΙΑΝΝΗ — ΚΑΜΠΑΝΗ
ΜΕ ΜΟΥΣΙΚΗ ΓΙΑΝΝΗ ΣΠΑΝΟΥ
Γιά μένα·Γιά σένα·Γιά όλους
ΠΡΩΤΑΓΩΝΙΣΤΟΥΝ:
ΣΠΕΡΑΝΤΖΑ ΒΡΑΝΑ
ΜΑΡΓΑΡΙΤΑ ΑΘΑΝΑΣΙΟΥ
ΒΑΛΕΝΤΙΝΗ ΡΟΥΛΗ
ΕΥΗ ΔΡΟΥΤΣΑ
ΣΤΕΛΛΑ ΑΓΓΕΛΙΔΟΥ
ΜΑΙΡΗ ΚΑΤΣΟΥΛΗ
ΤΖΟΥΛΙΑ ΔΟΥΚΑΚΗ
ΡΑΝΙΑ ΚΩΝΣΤΑΝΤΟΠΟΥΛΟΥ
ΚΩΣΤΑΣ ΜΠΟΖΩΝΗΣ
Γ. ΓΙΩΡΓΙΑΝΑΣ
ΒΑΣΙΛΗΣ ΚΑΛΑΜΑΡΑΣ
ΓΙΩΡΓΟΣ ΣΤΑΥΡΟΠΟΥΛΟΣ
ΝΙΚΟΣ ΠΑΠΑΝΑΣΤΑΣΙΟΥ
ΒΑΓΓ. ΜΕΡΚΟΥΣ
ΣΤΕΛΙΟΣ ΣΑΡΡΗΣ
Τό διεθνούς φήμης χορευτικό ζευγάρι:
ΜΑΝΩΛΗΣ ΚΑΣΤΡΙΝΟΣ
ΧΡΥΣΟΥΛΑ ΖΩΚΑ
* ΜΕ ΤΟ ΜΠΑΛΛΕΤΟ ΤΟΥΣ
ΤΡΙΓΩΝΑ ΠΑΥΛΟΣ ΠΑΤΑΚΑΣ
Εξαιρετικές ορχήστρα υπό την διεύθυνση του ... ΑΝΤΩΝΙΟ
ΗΕ
